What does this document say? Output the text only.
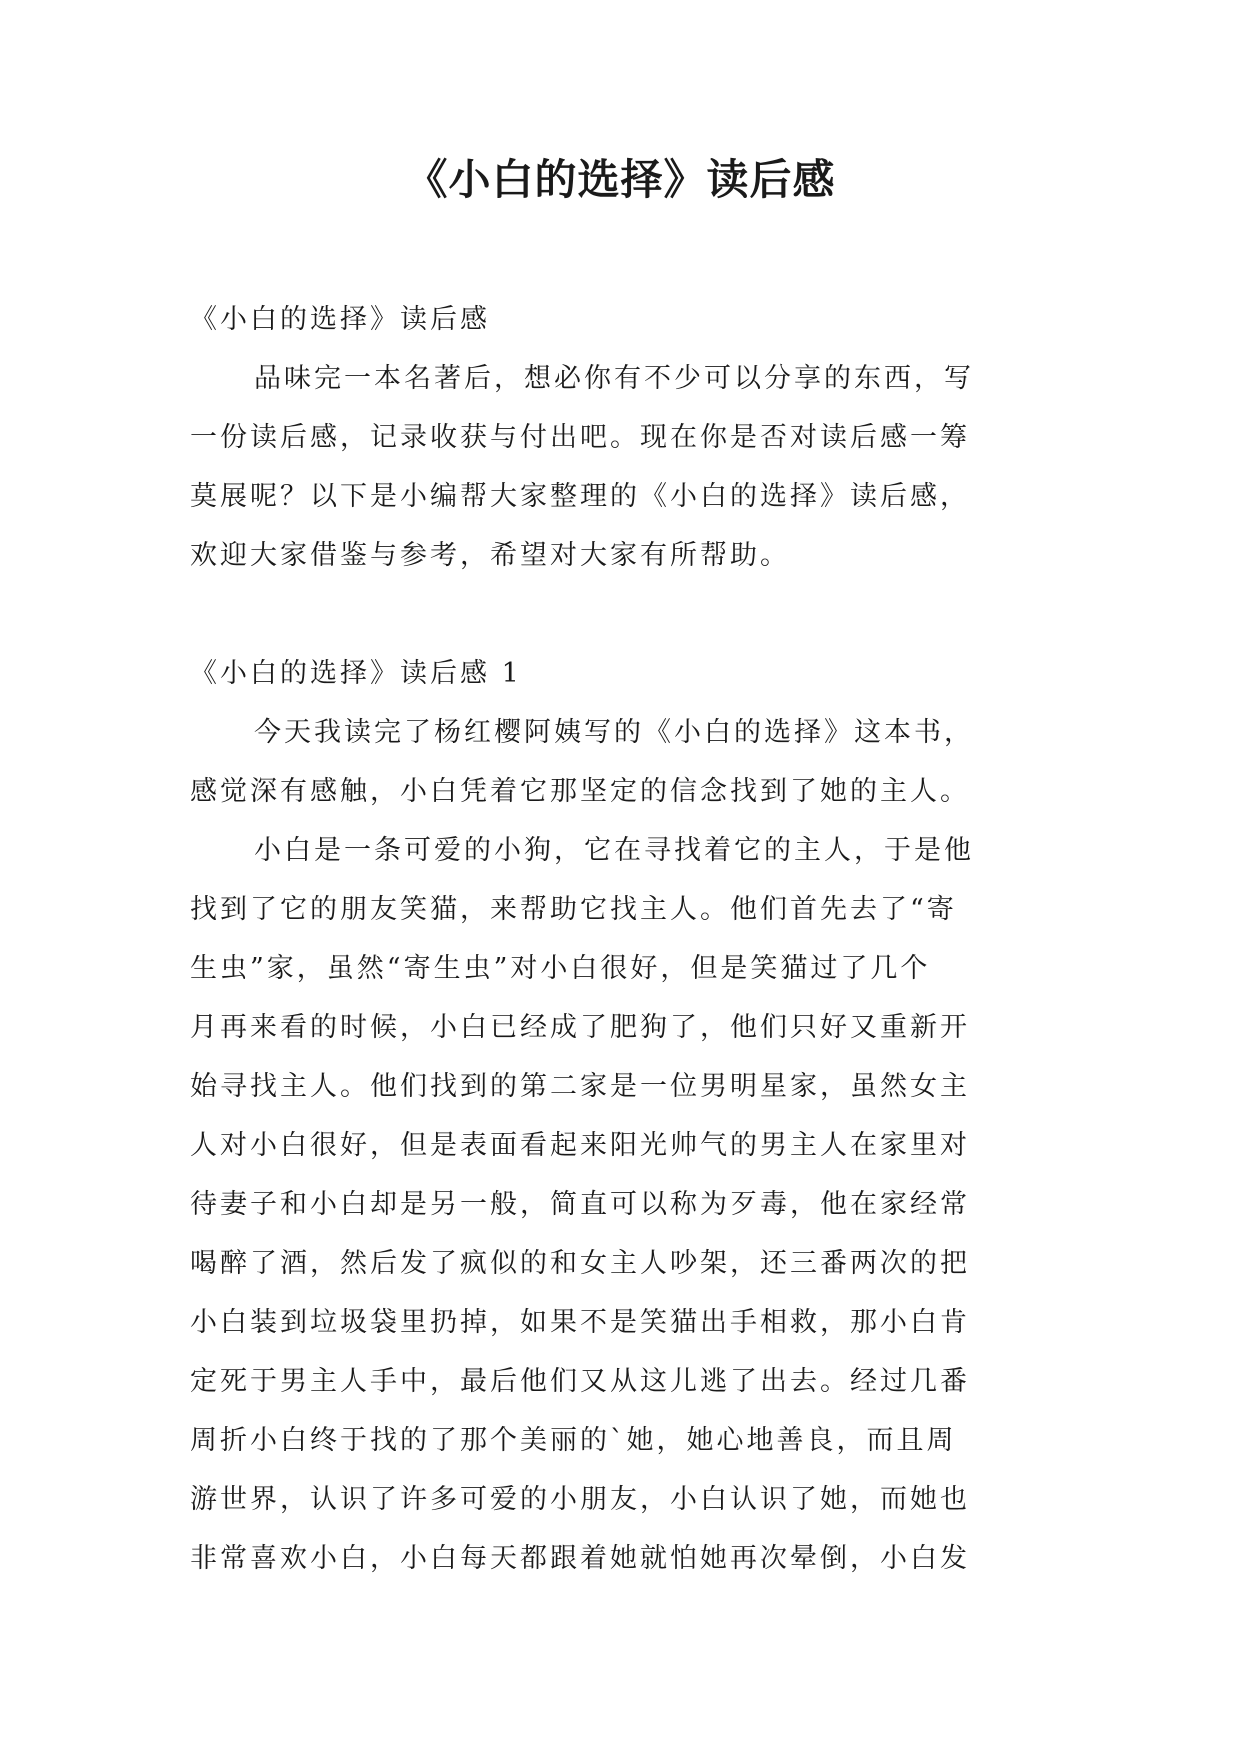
《小白的选择》读后感
《小白的选择》读后感
品味完一本名著后，想必你有不少可以分享的东西，写
一份读后感，记录收获与付出吧。现在你是否对读后感一筹
莫展呢？以下是小编帮大家整理的《小白的选择》读后感，
欢迎大家借鉴与参考，希望对大家有所帮助。
《小白的选择》读后感 1
今天我读完了杨红樱阿姨写的《小白的选择》这本书，
感觉深有感触，小白凭着它那坚定的信念找到了她的主人。
小白是一条可爱的小狗，它在寻找着它的主人，于是他
找到了它的朋友笑猫，来帮助它找主人。他们首先去了“寄
生虫”家，虽然“寄生虫”对小白很好，但是笑猫过了几个
月再来看的时候，小白已经成了肥狗了，他们只好又重新开
始寻找主人。他们找到的第二家是一位男明星家，虽然女主
人对小白很好，但是表面看起来阳光帅气的男主人在家里对
待妻子和小白却是另一般，简直可以称为歹毒，他在家经常
喝醉了酒，然后发了疯似的和女主人吵架，还三番两次的把
小白装到垃圾袋里扔掉，如果不是笑猫出手相救，那小白肯
定死于男主人手中，最后他们又从这儿逃了出去。经过几番
周折小白终于找的了那个美丽的`她，她心地善良，而且周
游世界，认识了许多可爱的小朋友，小白认识了她，而她也
非常喜欢小白，小白每天都跟着她就怕她再次晕倒，小白发
